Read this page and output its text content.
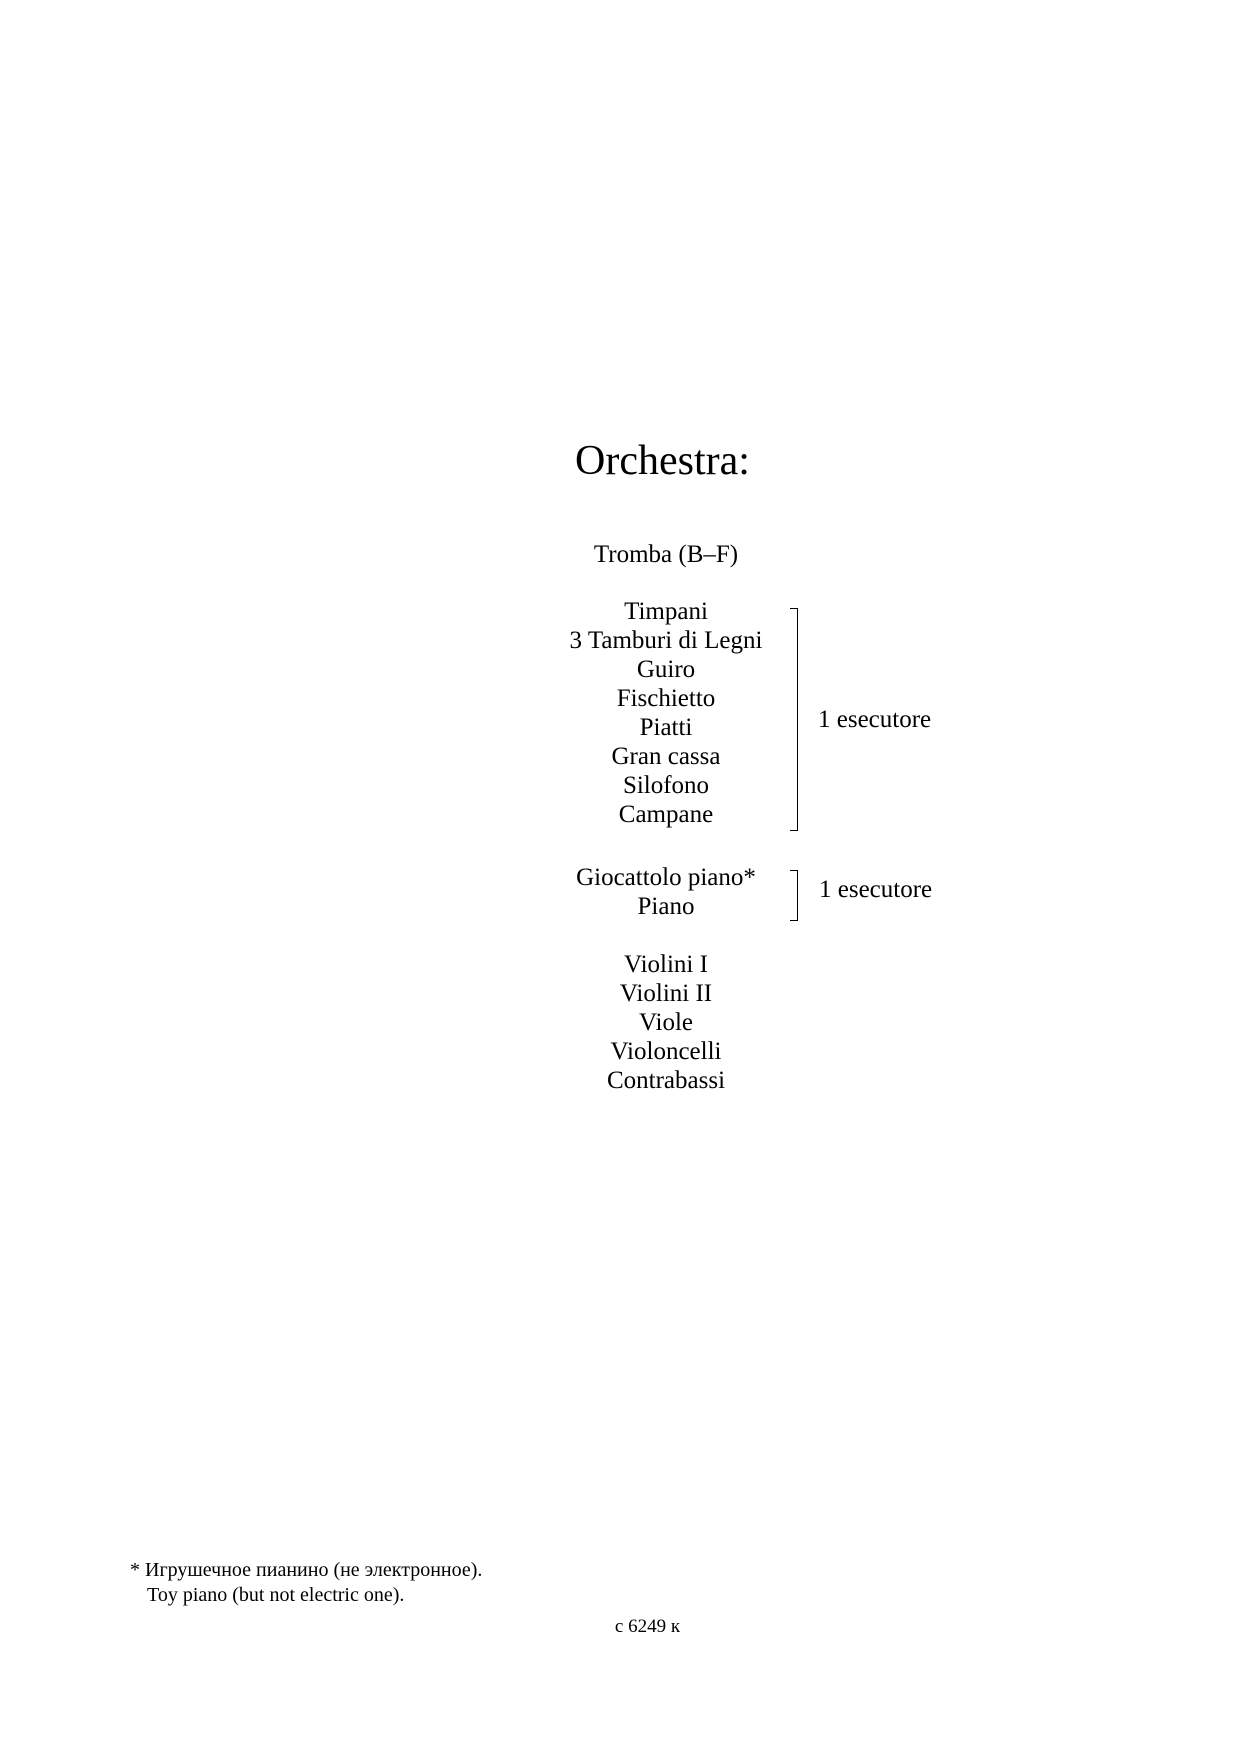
Orchestra:
Tromba (B–F)
Timpani
3 Tamburi di Legni
Guiro
Fischietto
Piatti
Gran cassa
Silofono
Campane
1 esecutore
Giocattolo piano*
Piano
1 esecutore
Violini I
Violini II
Viole
Violoncelli
Contrabassi
* Игрушечное пианино (не электронное).
Toy piano (but not electric one).
с 6249 к
